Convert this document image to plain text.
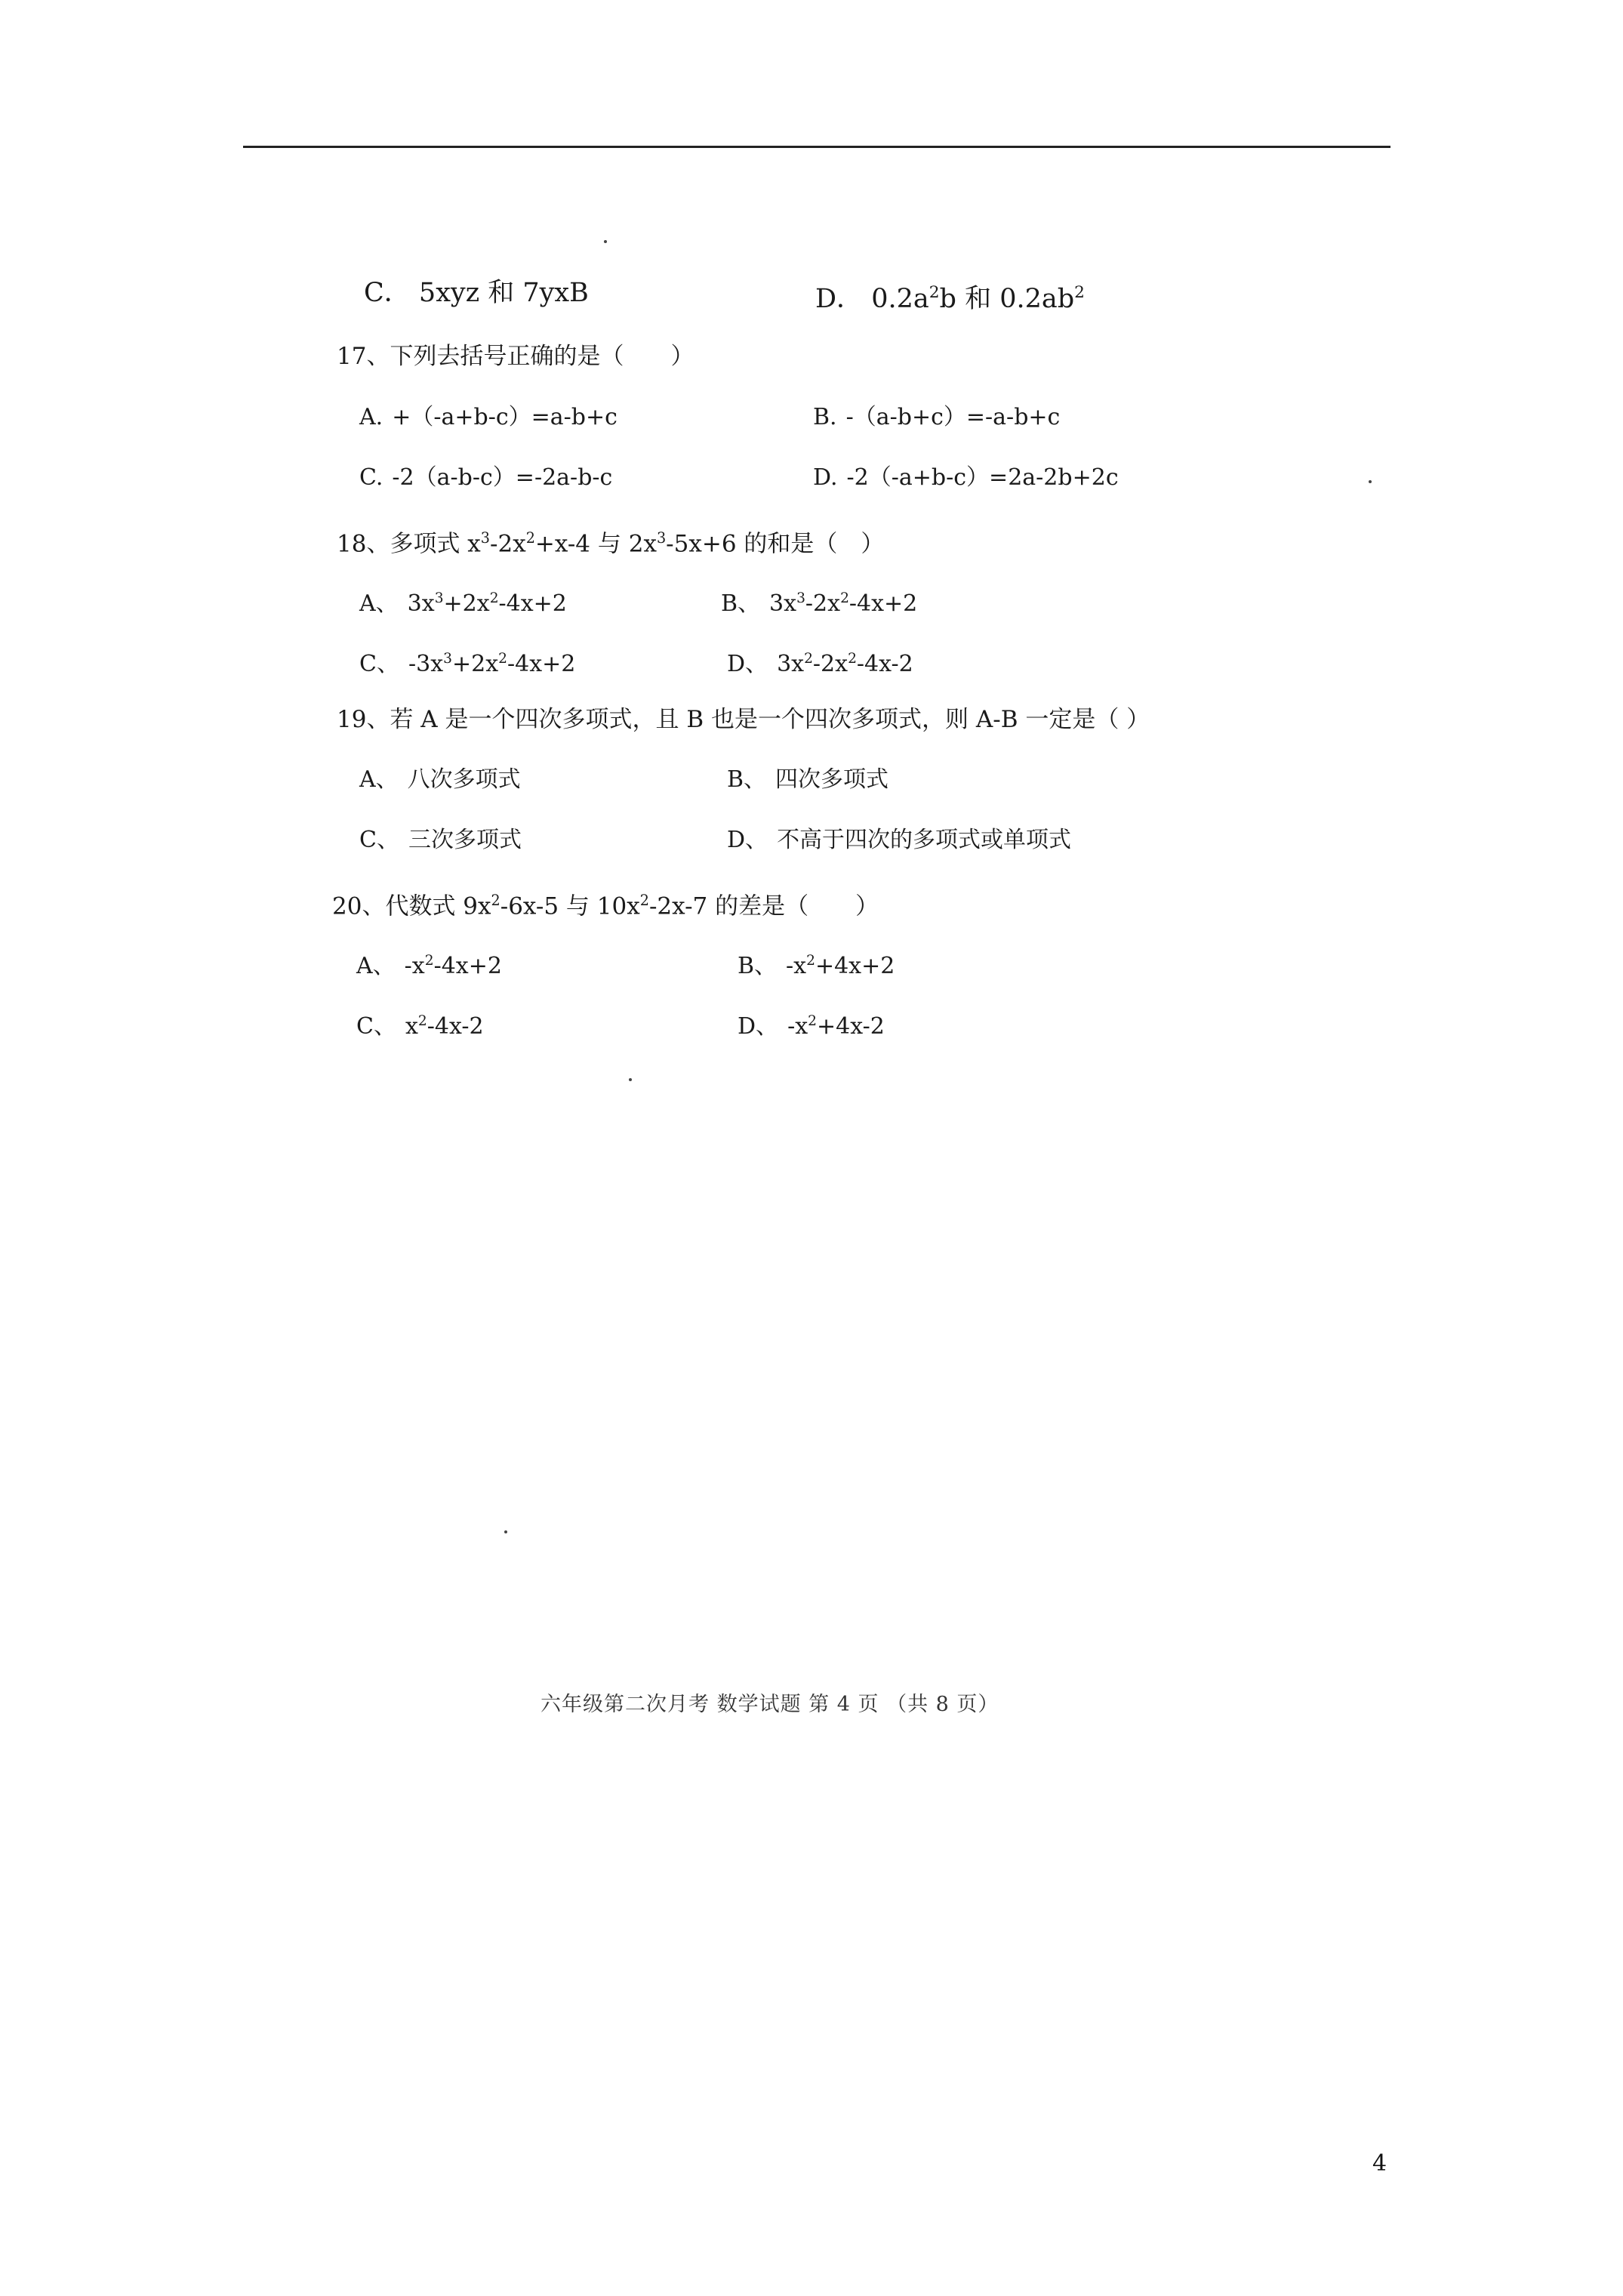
C． 5xyz 和 7yxB	D． $0.2a^2b$ 和 $0.2ab^2$
17、下列去括号正确的是（　　）
A. +（-a+b-c）=a-b+c	B. -（a-b+c）=-a-b+c
C. -2（a-b-c）=-2a-b-c	D. -2（-a+b-c）=2a-2b+2c
18、多项式 $x^3-2x^2+x-4$ 与 $2x^3-5x+6$ 的和是（　）
A、 $3x^3+2x^2-4x+2$	B、 $3x^3-2x^2-4x+2$
C、 $-3x^3+2x^2-4x+2$	D、 $3x^2-2x^2-4x-2$
19、若 A 是一个四次多项式，且 B 也是一个四次多项式，则 A-B 一定是（ ）
A、 八次多项式	B、 四次多项式
C、 三次多项式	D、 不高于四次的多项式或单项式
20、代数式 $9x^2-6x-5$ 与 $10x^2-2x-7$ 的差是（　　）
A、 $-x^2-4x+2$	B、 $-x^2+4x+2$
C、 $x^2-4x-2$	D、 $-x^2+4x-2$
六年级第二次月考 数学试题 第 4 页 （共 8 页）
4
